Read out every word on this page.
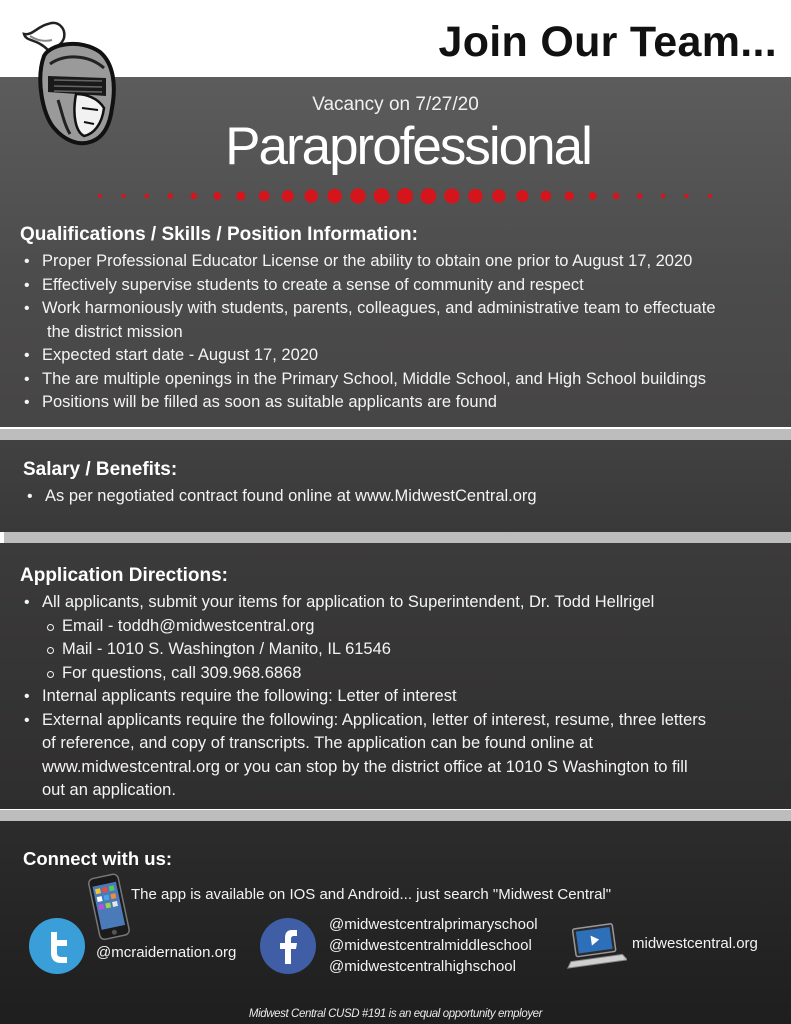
Join Our Team...
Vacancy on 7/27/20
Paraprofessional
Qualifications / Skills / Position Information:
• Proper Professional Educator License or the ability to obtain one prior to August 17, 2020
• Effectively supervise students to create a sense of community and respect
• Work harmoniously with students, parents, colleagues, and administrative team to effectuate
the district mission
• Expected start date - August 17, 2020
• The are multiple openings in the Primary School, Middle School, and High School buildings
• Positions will be filled as soon as suitable applicants are found
Salary / Benefits:
• As per negotiated contract found online at www.MidwestCentral.org
Application Directions:
• All applicants, submit your items for application to Superintendent, Dr. Todd Hellrigel
Email - toddh@midwestcentral.org
Mail - 1010 S. Washington / Manito, IL 61546
For questions, call 309.968.6868
• Internal applicants require the following: Letter of interest
• External applicants require the following: Application, letter of interest, resume, three letters
of reference, and copy of transcripts. The application can be found online at
www.midwestcentral.org or you can stop by the district office at 1010 S Washington to fill
out an application.
Connect with us:
The app is available on IOS and Android... just search "Midwest Central"
@mcraidernation.org
@midwestcentralprimaryschool
@midwestcentralmiddleschool
@midwestcentralhighschool
midwestcentral.org
Midwest Central CUSD #191 is an equal opportunity employer
